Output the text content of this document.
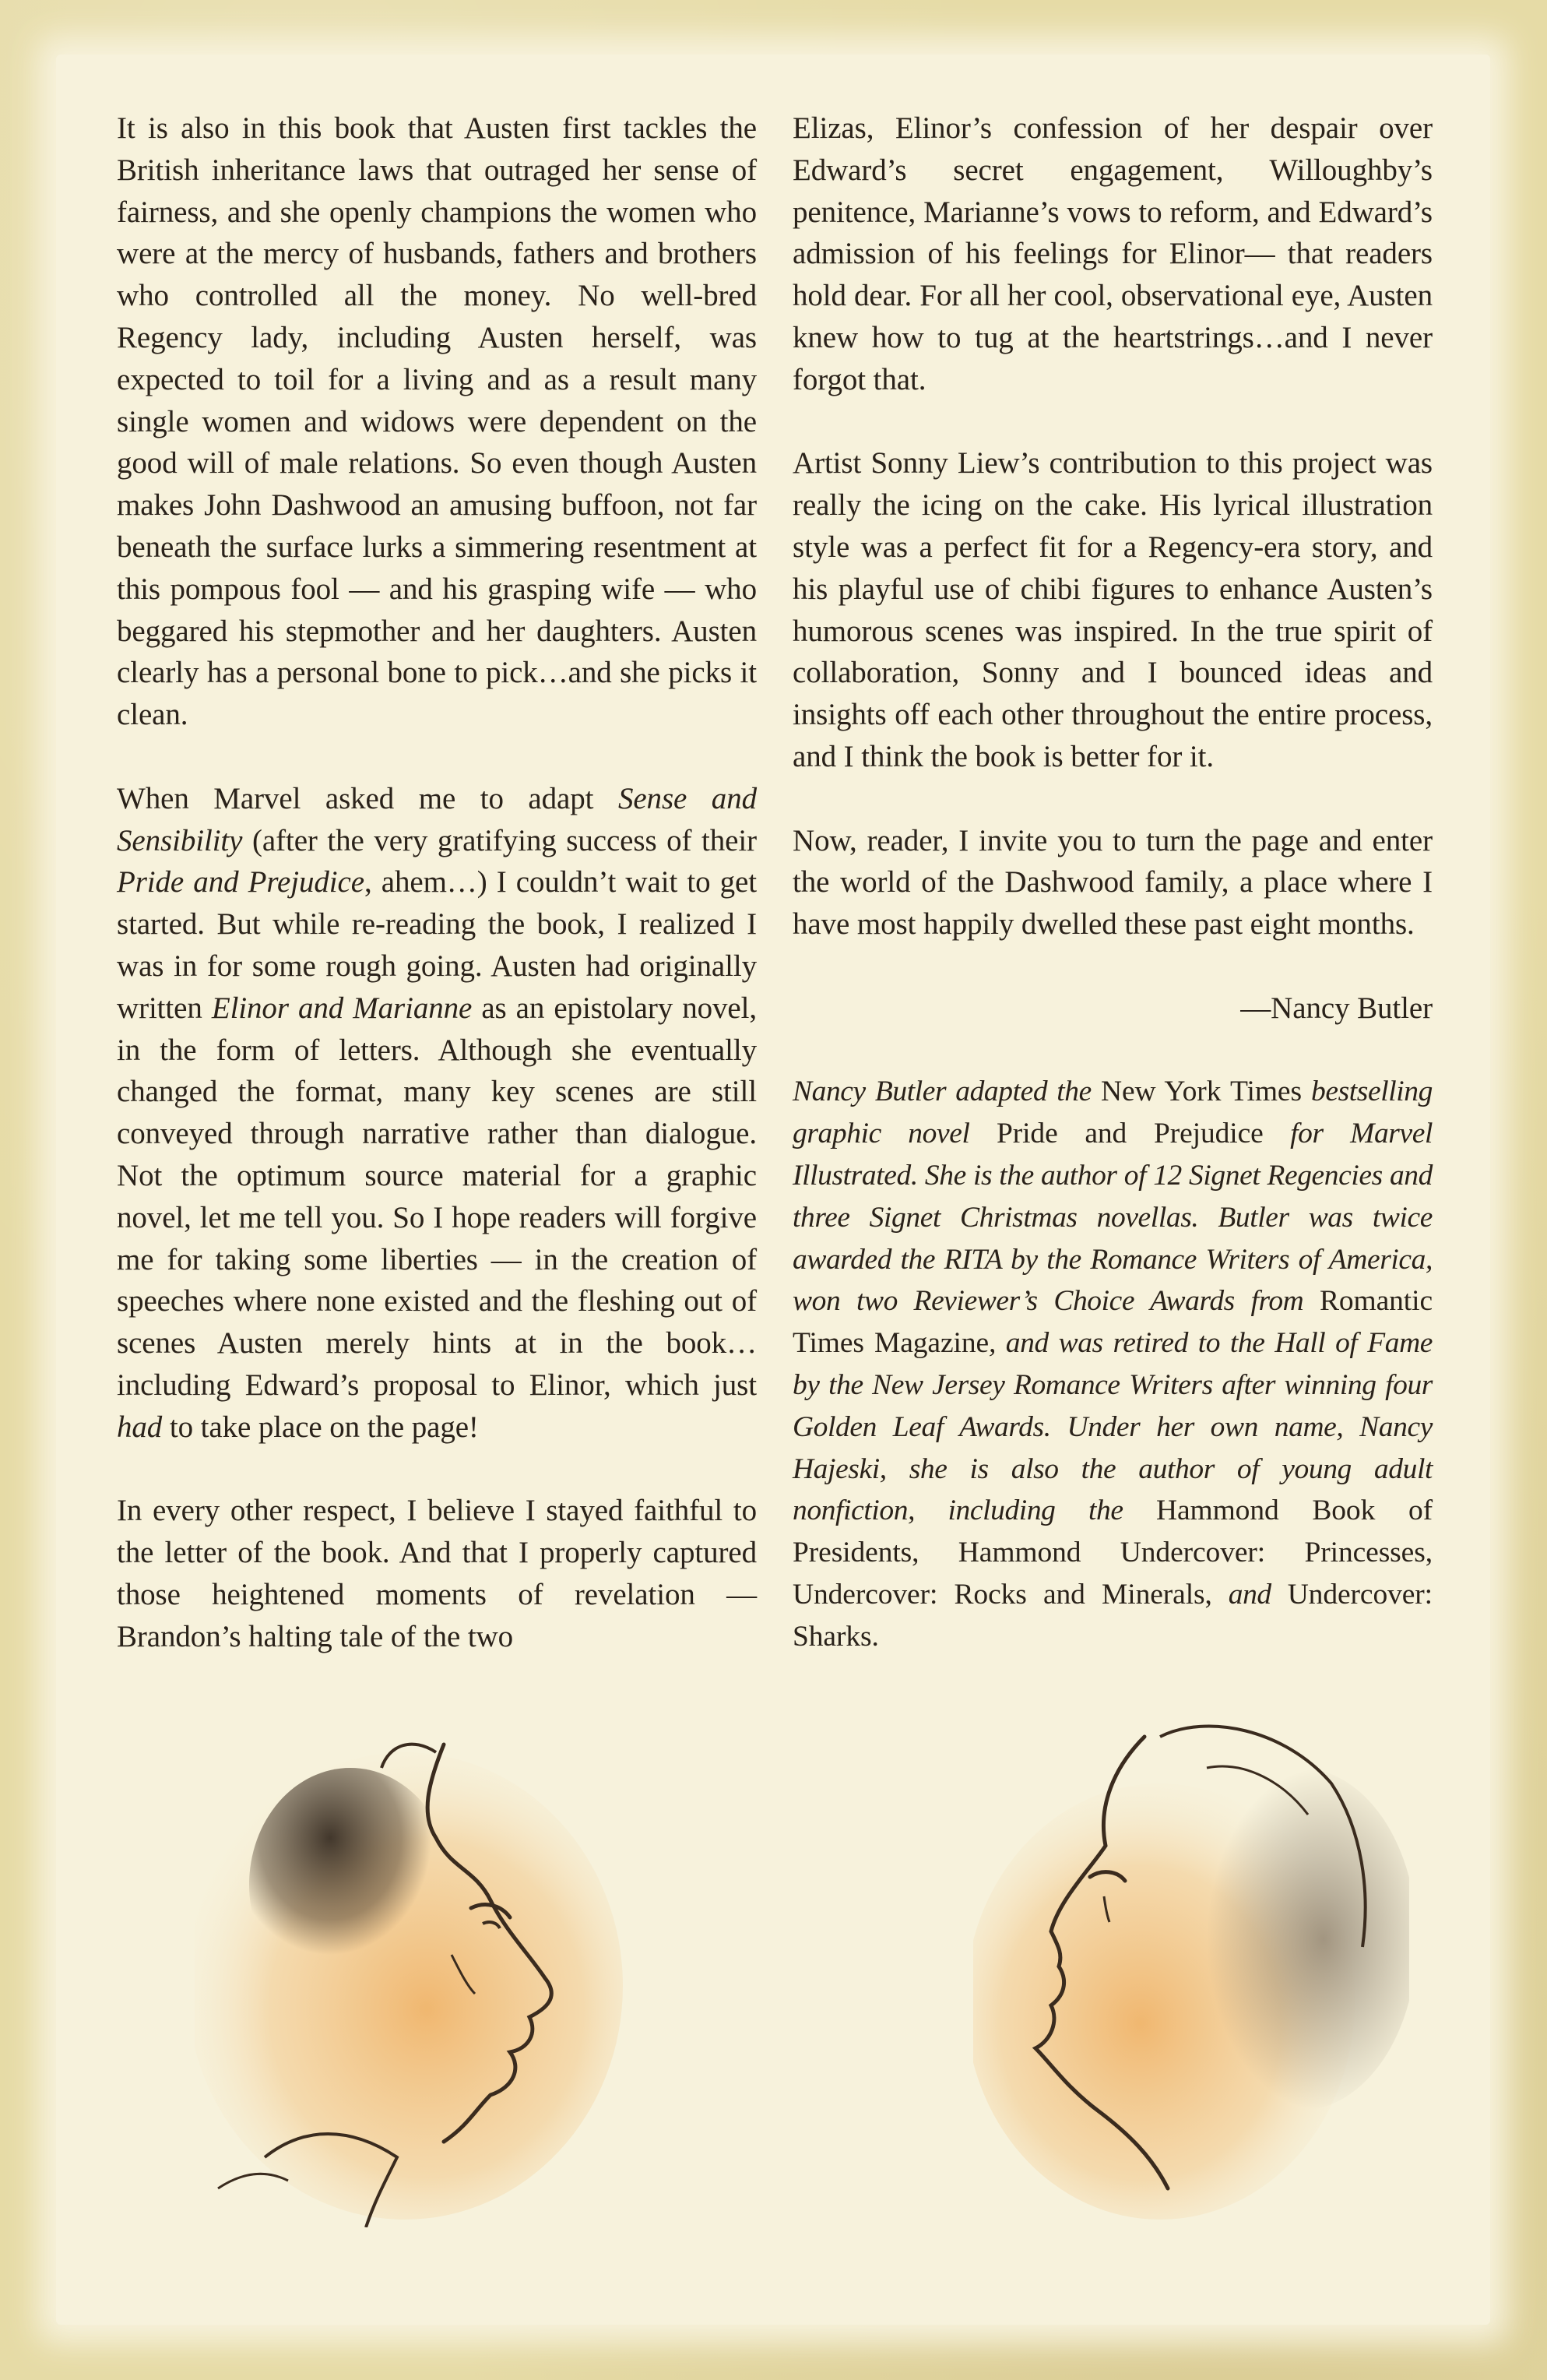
It is also in this book that Austen first tackles the British inheritance laws that outraged her sense of fairness, and she openly champions the women who were at the mercy of husbands, fathers and brothers who controlled all the money. No well-bred Regency lady, including Austen herself, was expected to toil for a living and as a result many single women and widows were dependent on the good will of male relations. So even though Austen makes John Dashwood an amusing buffoon, not far beneath the surface lurks a simmering resentment at this pompous fool — and his grasping wife — who beggared his stepmother and her daughters. Austen clearly has a personal bone to pick…and she picks it clean.

When Marvel asked me to adapt Sense and Sensibility (after the very gratifying success of their Pride and Prejudice, ahem…) I couldn’t wait to get started. But while re-reading the book, I realized I was in for some rough going. Austen had originally written Elinor and Marianne as an epistolary novel, in the form of letters. Although she eventually changed the format, many key scenes are still conveyed through narrative rather than dialogue. Not the optimum source material for a graphic novel, let me tell you. So I hope readers will forgive me for taking some liberties — in the creation of speeches where none existed and the fleshing out of scenes Austen merely hints at in the book…including Edward’s proposal to Elinor, which just had to take place on the page!

In every other respect, I believe I stayed faithful to the letter of the book. And that I properly captured those heightened moments of revelation — Brandon’s halting tale of the two

Elizas, Elinor’s confession of her despair over Edward’s secret engagement, Willoughby’s penitence, Marianne’s vows to reform, and Edward’s admission of his feelings for Elinor— that readers hold dear. For all her cool, observational eye, Austen knew how to tug at the heartstrings…and I never forgot that.

Artist Sonny Liew’s contribution to this project was really the icing on the cake. His lyrical illustration style was a perfect fit for a Regency-era story, and his playful use of chibi figures to enhance Austen’s humorous scenes was inspired. In the true spirit of collaboration, Sonny and I bounced ideas and insights off each other throughout the entire process, and I think the book is better for it.

Now, reader, I invite you to turn the page and enter the world of the Dashwood family, a place where I have most happily dwelled these past eight months.

—Nancy Butler

Nancy Butler adapted the New York Times bestselling graphic novel Pride and Prejudice for Marvel Illustrated. She is the author of 12 Signet Regencies and three Signet Christmas novellas. Butler was twice awarded the RITA by the Romance Writers of America, won two Reviewer’s Choice Awards from Romantic Times Magazine, and was retired to the Hall of Fame by the New Jersey Romance Writers after winning four Golden Leaf Awards. Under her own name, Nancy Hajeski, she is also the author of young adult nonfiction, including the Hammond Book of Presidents, Hammond Undercover: Princesses, Undercover: Rocks and Minerals, and Undercover: Sharks.
